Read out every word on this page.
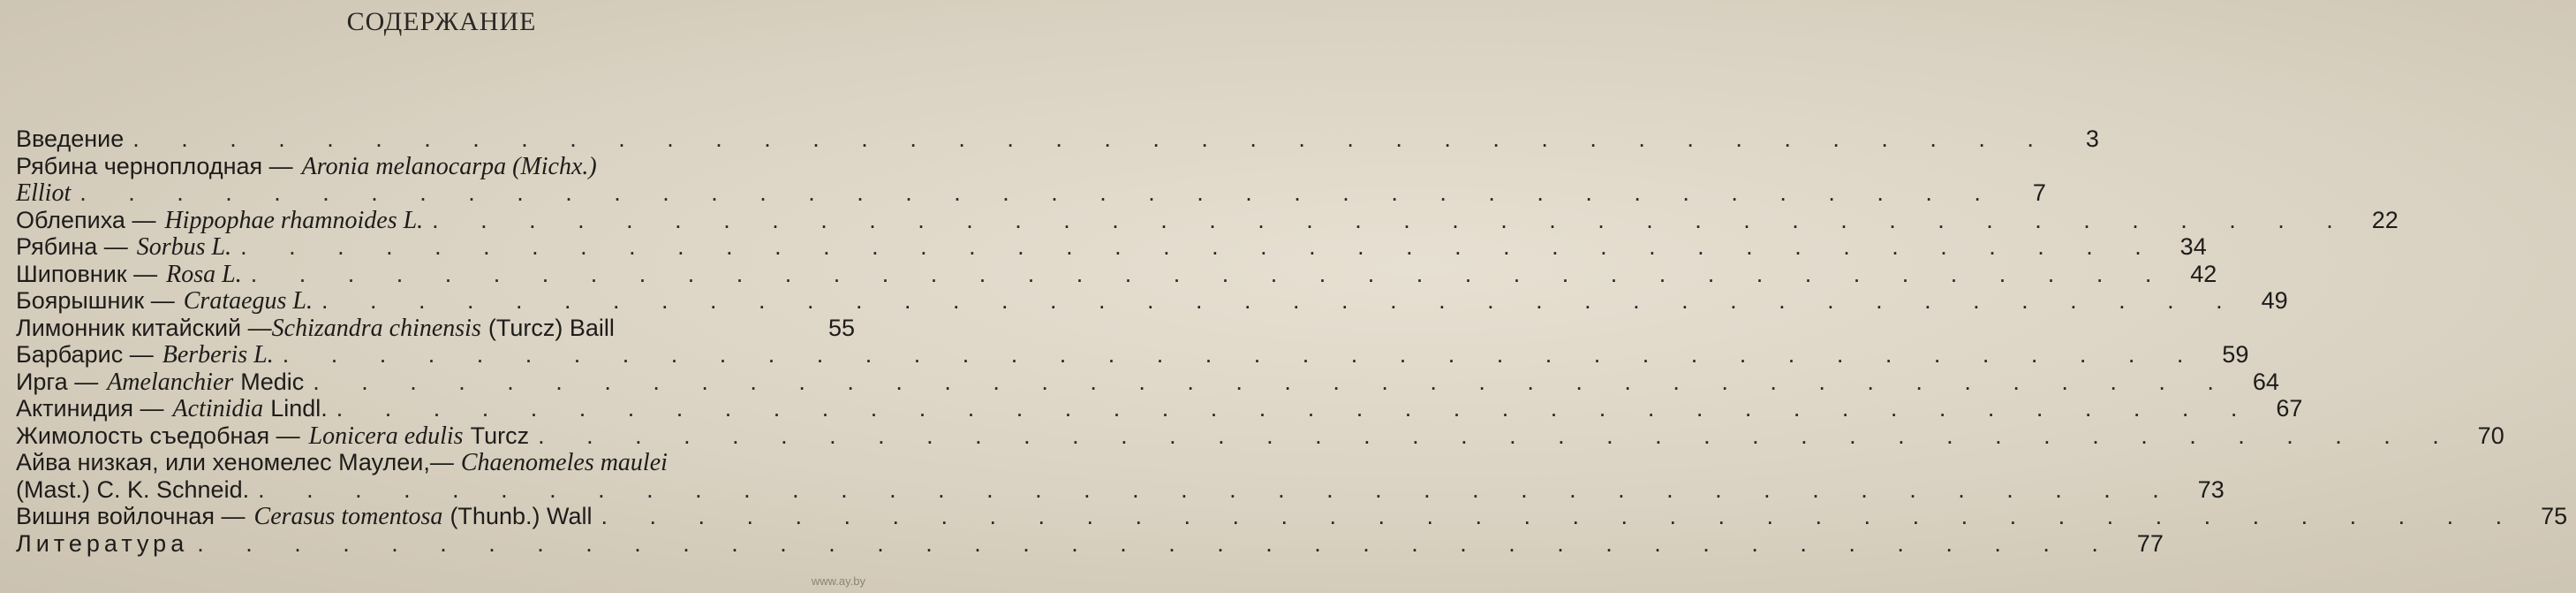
СОДЕРЖАНИЕ
Введение . . . . . . . . . . . . . . . . . . . . . . . . . . . . . . . . . . . . . . . .	3
Рябина черноплодная — Aronia melanocarpa (Michx.)
Elliot . . . . . . . . . . . . . . . . . . . . . . . . . . . . . . . . . . . . . . . .	7
Облепиха — Hippophae rhamnoides L. . . . . . . . . . . . . . . . . . . . . . . . . . . . . . . . . . . . . . . . . 22
Рябина — Sorbus L. . . . . . . . . . . . . . . . . . . . . . . . . . . . . . . . . . . . . . . . . 34
Шиповник — Rosa L. . . . . . . . . . . . . . . . . . . . . . . . . . . . . . . . . . . . . . . . . 42
Боярышник — Crataegus L. . . . . . . . . . . . . . . . . . . . . . . . . . . . . . . . . . . . . . . . . 49
Лимонник китайский — Schizandra chinensis (Turcz) Baill	55
Барбарис — Berberis L. . . . . . . . . . . . . . . . . . . . . . . . . . . . . . . . . . . . . . . . . 59
Ирга — Amelanchier Medic . . . . . . . . . . . . . . . . . . . . . . . . . . . . . . . . . . . . . . . . 64
Актинидия — Actinidia Lindl. . . . . . . . . . . . . . . . . . . . . . . . . . . . . . . . . . . . . . . . . 67
Жимолость съедобная — Lonicera edulis Turcz . . . . . . . . . . . . . . . . . . . . . . . . . . . . . . . . . . . . . . . . 70
Айва низкая, или хеномелес Маулеи,— Chaenomeles maulei
(Mast.) C. K. Schneid. . . . . . . . . . . . . . . . . . . . . . . . . . . . . . . . . . . . . . . . . 73
Вишня войлочная — Cerasus tomentosa (Thunb.) Wall . . . . . . . . . . . . . . . . . . . . . . . . . . . . . . . . . . . . . . . . 75
Литература . . . . . . . . . . . . . . . . . . . . . . . . . . . . . . . . . . . . . . . . 77
www.ay.by
